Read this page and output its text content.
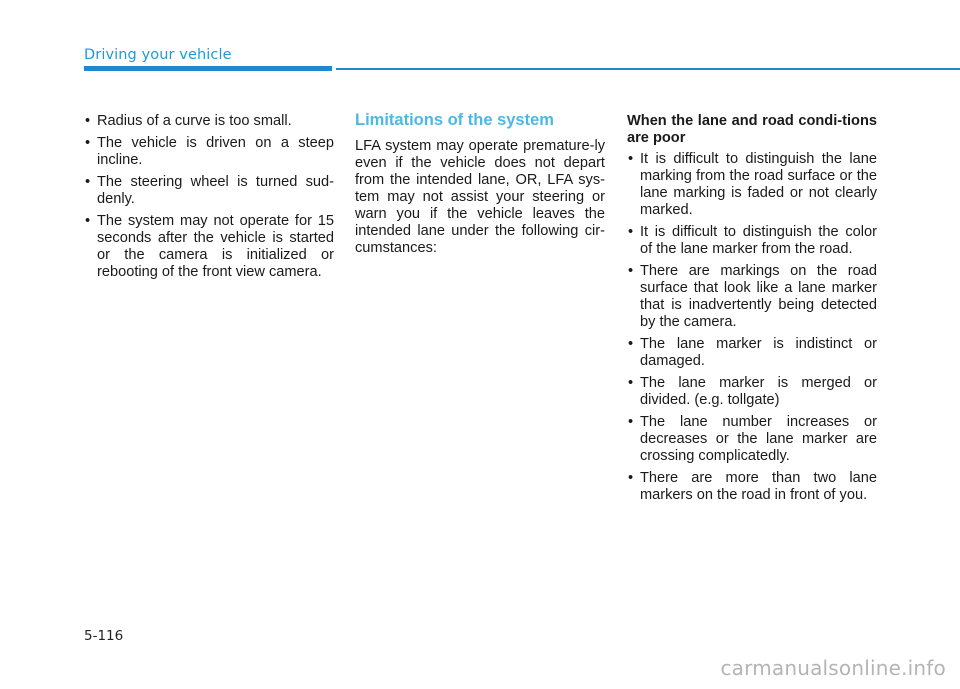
Driving your vehicle
• Radius of a curve is too small.
• The vehicle is driven on a steep incline.
• The steering wheel is turned sud-denly.
• The system may not operate for 15 seconds after the vehicle is started or the camera is initialized or rebooting of the front view camera.
Limitations of the system

LFA system may operate premature-ly even if the vehicle does not depart from the intended lane, OR, LFA sys-tem may not assist your steering or warn you if the vehicle leaves the intended lane under the following cir-cumstances:

When the lane and road condi-tions are poor

• It is difficult to distinguish the lane marking from the road surface or the lane marking is faded or not clearly marked.
• It is difficult to distinguish the color of the lane marker from the road.
• There are markings on the road surface that look like a lane marker that is inadvertently being detected by the camera.
• The lane marker is indistinct or damaged.
• The lane marker is merged or divided. (e.g. tollgate)
• The lane number increases or decreases or the lane marker are crossing complicatedly.
• There are more than two lane markers on the road in front of you.
5-116
carmanualsonline.info
